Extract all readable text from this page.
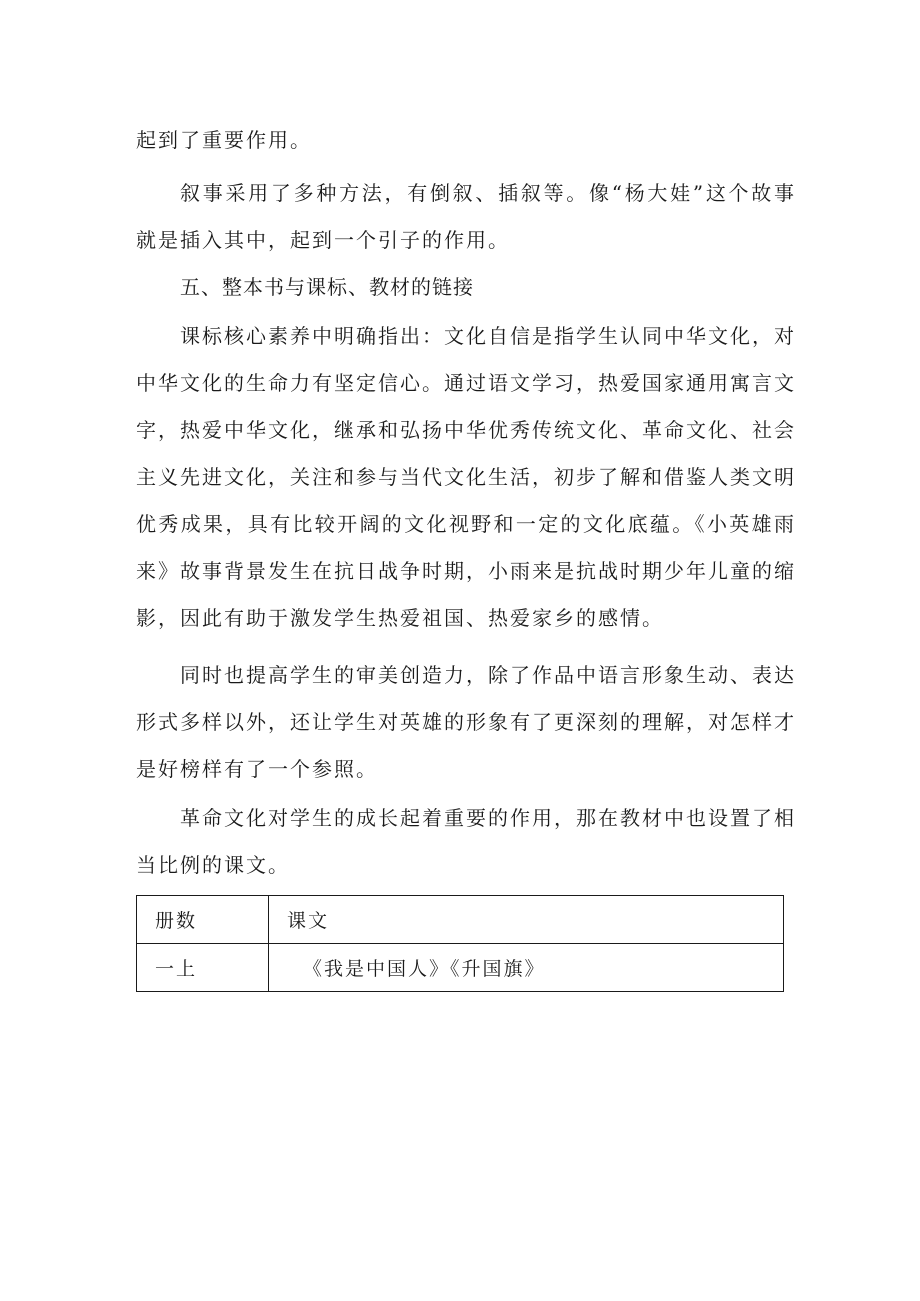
起到了重要作用。

叙事采用了多种方法，有倒叙、插叙等。像“杨大娃”这个故事就是插入其中，起到一个引子的作用。

五、整本书与课标、教材的链接

课标核心素养中明确指出：文化自信是指学生认同中华文化，对中华文化的生命力有坚定信心。通过语文学习，热爱国家通用寓言文字，热爱中华文化，继承和弘扬中华优秀传统文化、革命文化、社会主义先进文化，关注和参与当代文化生活，初步了解和借鉴人类文明优秀成果，具有比较开阔的文化视野和一定的文化底蕴。《小英雄雨来》故事背景发生在抗日战争时期，小雨来是抗战时期少年儿童的缩影，因此有助于激发学生热爱祖国、热爱家乡的感情。

同时也提高学生的审美创造力，除了作品中语言形象生动、表达形式多样以外，还让学生对英雄的形象有了更深刻的理解，对怎样才是好榜样有了一个参照。

革命文化对学生的成长起着重要的作用，那在教材中也设置了相当比例的课文。

册数	课文
一上	《我是中国人》《升国旗》
